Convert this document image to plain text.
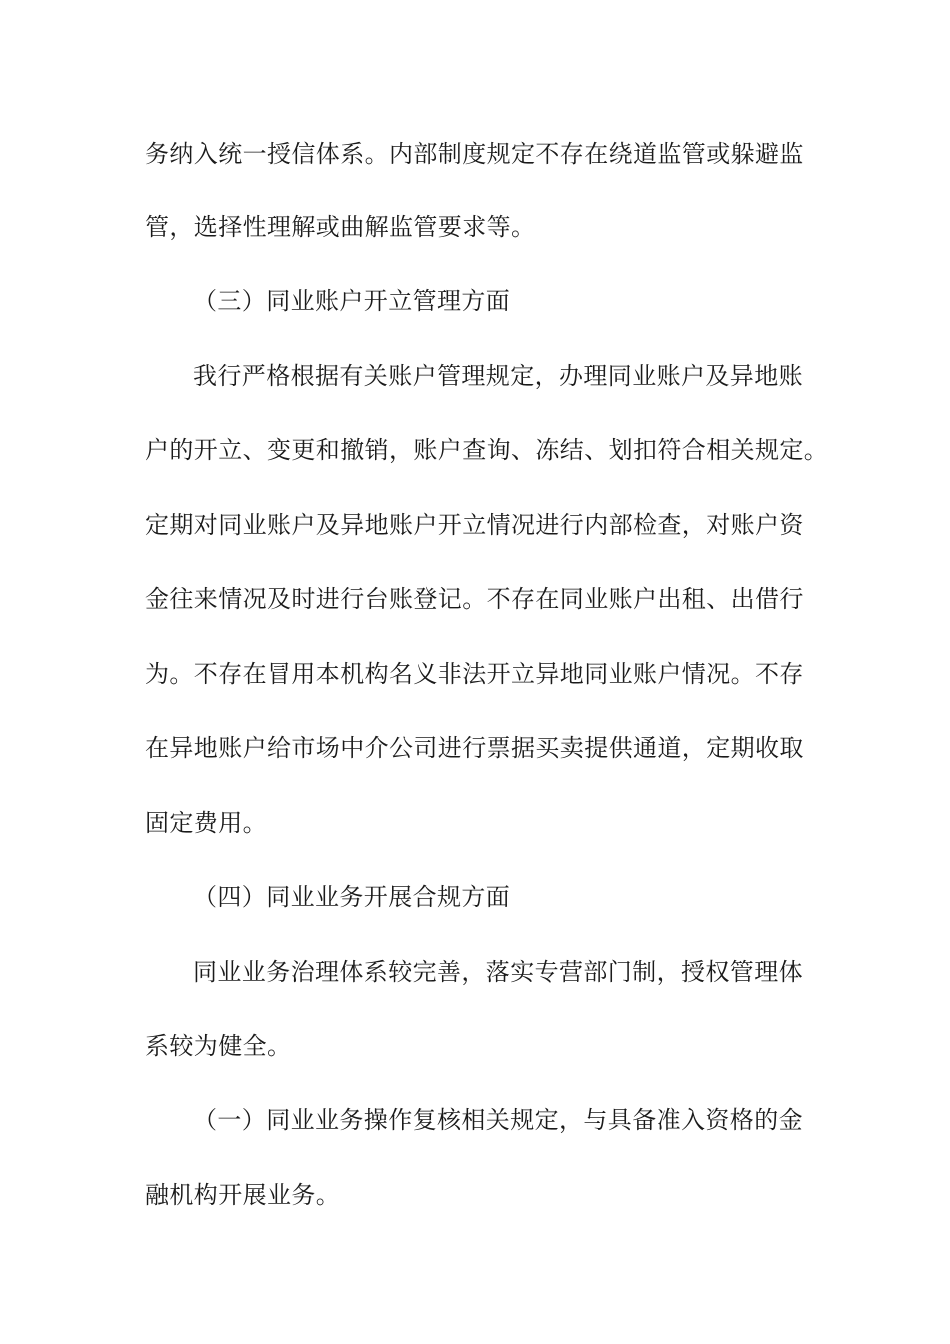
务纳入统一授信体系。内部制度规定不存在绕道监管或躲避监

管，选择性理解或曲解监管要求等。

（三）同业账户开立管理方面

我行严格根据有关账户管理规定，办理同业账户及异地账

户的开立、变更和撤销，账户查询、冻结、划扣符合相关规定。

定期对同业账户及异地账户开立情况进行内部检查，对账户资

金往来情况及时进行台账登记。不存在同业账户出租、出借行

为。不存在冒用本机构名义非法开立异地同业账户情况。不存

在异地账户给市场中介公司进行票据买卖提供通道，定期收取

固定费用。

（四）同业业务开展合规方面

同业业务治理体系较完善，落实专营部门制，授权管理体

系较为健全。

（一）同业业务操作复核相关规定，与具备准入资格的金

融机构开展业务。
